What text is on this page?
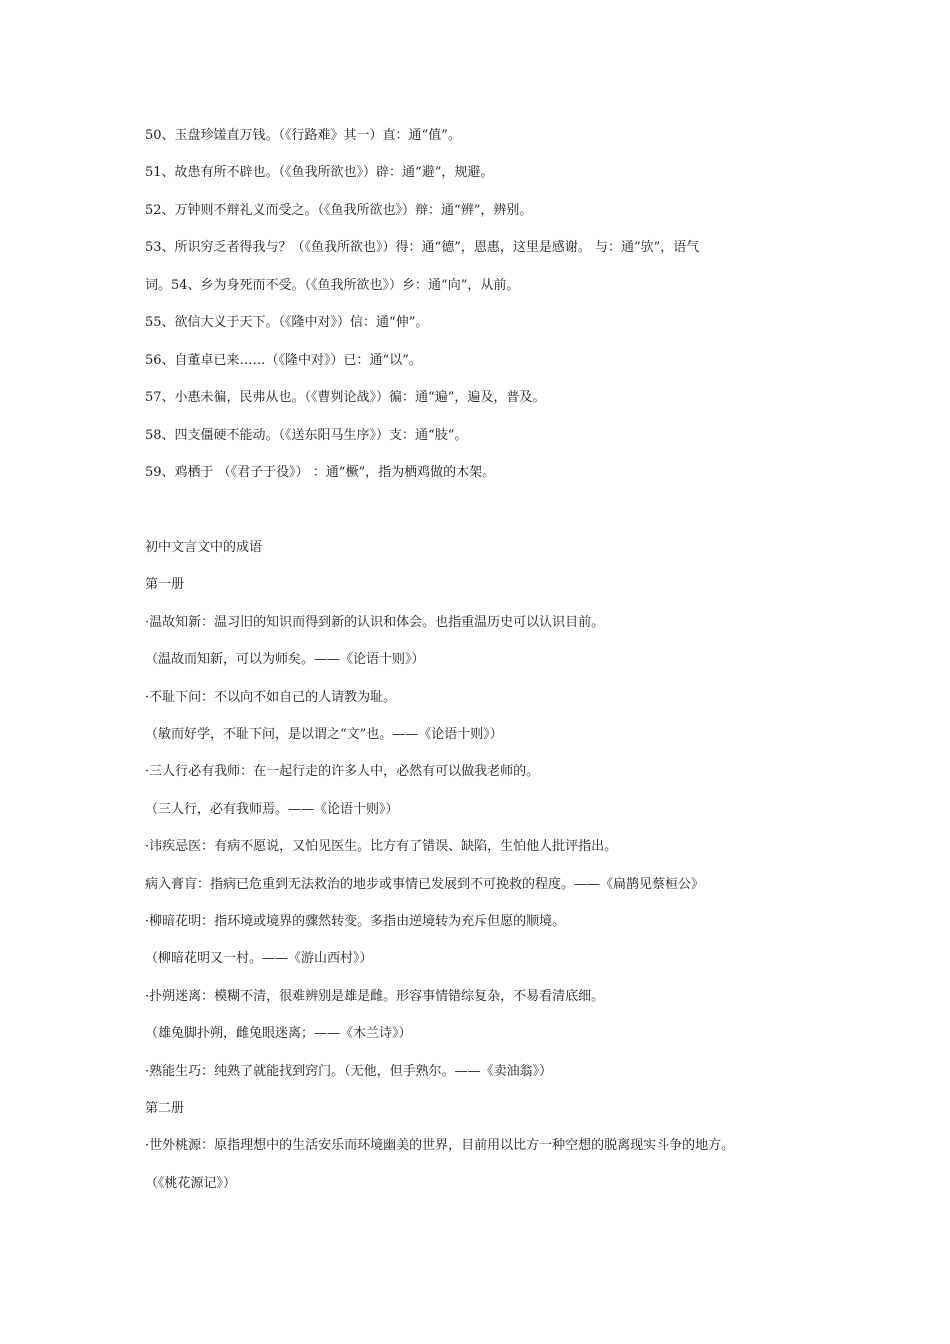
50、玉盘珍馐直万钱。（《行路难》其一）直：通“值”。
51、故患有所不辟也。（《鱼我所欲也》）辟：通“避”，规避。
52、万钟则不辩礼义而受之。（《鱼我所欲也》）辩：通“辨”，辨别。
53、所识穷乏者得我与？（《鱼我所欲也》）得：通“德”，恩惠，这里是感谢。 与：通“欤”，语气
词。54、乡为身死而不受。（《鱼我所欲也》）乡：通“向”，从前。
55、欲信大义于天下。（《隆中对》）信：通“伸”。
56、自董卓已来……（《隆中对》）已：通“以”。
57、小惠未徧，民弗从也。（《曹刿论战》）徧：通“遍”，遍及，普及。
58、四支僵硬不能动。（《送东阳马生序》）支：通“肢”。
59、鸡栖于 （《君子于役》） ：通“橛”，指为栖鸡做的木架。
初中文言文中的成语
第一册
·温故知新：温习旧的知识而得到新的认识和体会。也指重温历史可以认识目前。
（温故而知新，可以为师矣。——《论语十则》）
·不耻下问：不以向不如自己的人请教为耻。
（敏而好学，不耻下问，是以谓之“文”也。——《论语十则》）
·三人行必有我师：在一起行走的许多人中，必然有可以做我老师的。
（三人行，必有我师焉。——《论语十则》）
·讳疾忌医：有病不愿说，又怕见医生。比方有了错误、缺陷，生怕他人批评指出。
病入膏肓：指病已危重到无法救治的地步或事情已发展到不可挽救的程度。——《扁鹊见蔡桓公》
·柳暗花明：指环境或境界的骤然转变。多指由逆境转为充斥但愿的顺境。
（柳暗花明又一村。——《游山西村》）
·扑朔迷离：模糊不清，很难辨别是雄是雌。形容事情错综复杂，不易看清底细。
（雄兔脚扑朔，雌兔眼迷离；——《木兰诗》）
·熟能生巧：纯熟了就能找到窍门。（无他，但手熟尔。——《卖油翁》）
第二册
·世外桃源：原指理想中的生活安乐而环境幽美的世界，目前用以比方一种空想的脱离现实斗争的地方。
（《桃花源记》）
